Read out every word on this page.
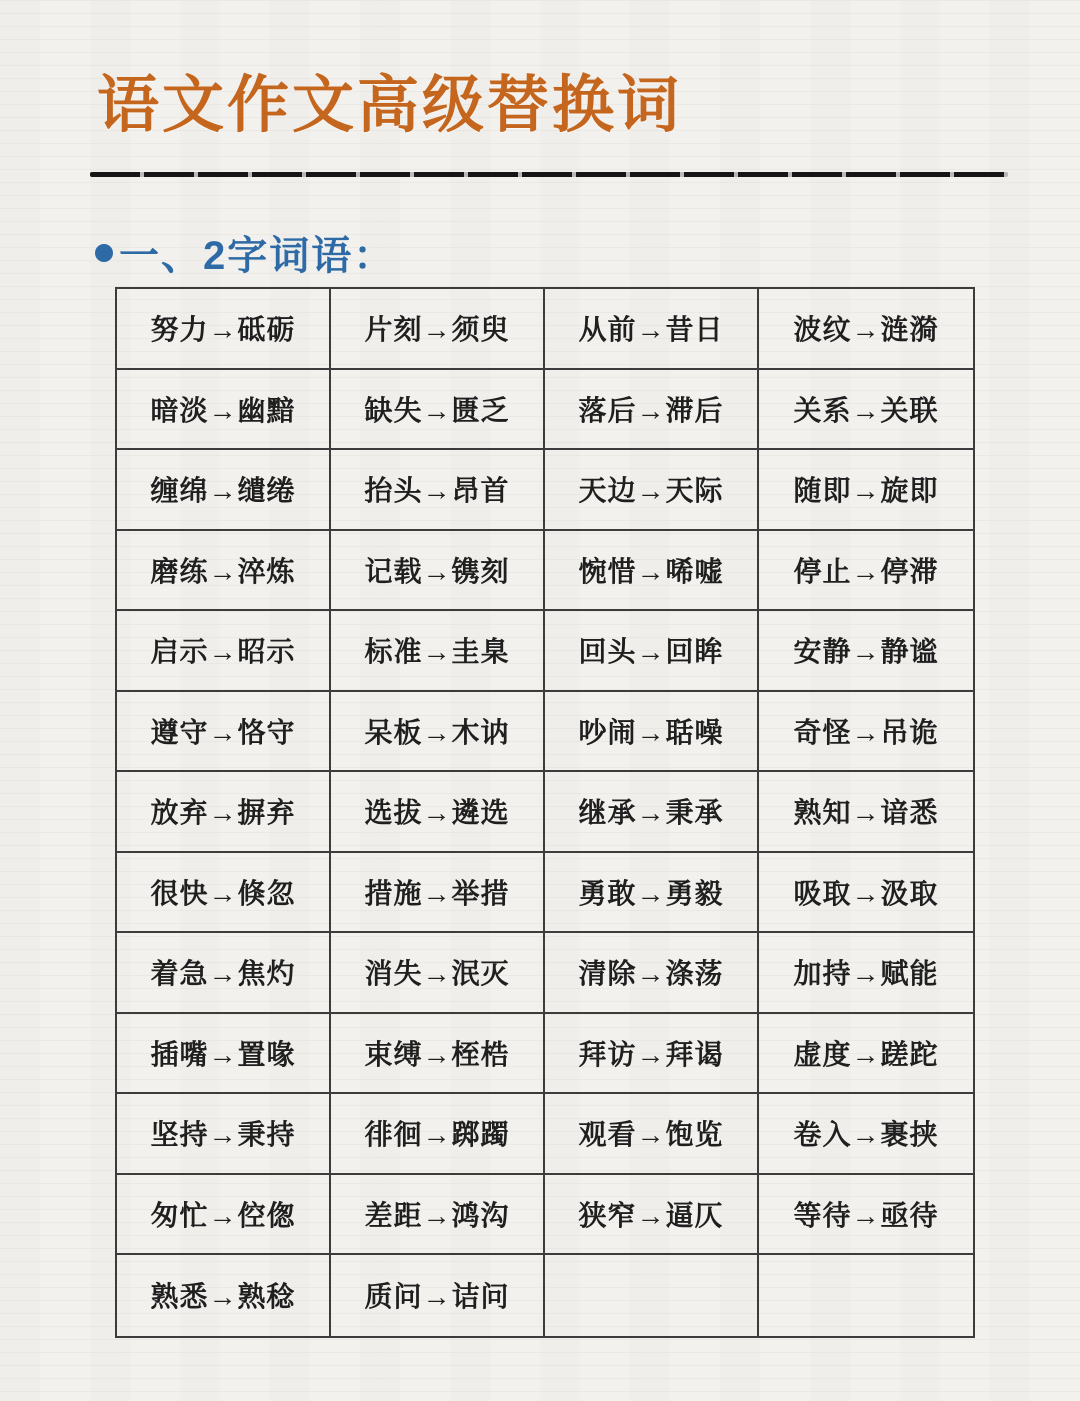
语文作文高级替换词
一、2字词语：
努力→砥砺	片刻→须臾	从前→昔日	波纹→涟漪
暗淡→幽黯	缺失→匮乏	落后→滞后	关系→关联
缠绵→缱绻	抬头→昂首	天边→天际	随即→旋即
磨练→淬炼	记载→镌刻	惋惜→唏嘘	停止→停滞
启示→昭示	标准→圭臬	回头→回眸	安静→静谧
遵守→恪守	呆板→木讷	吵闹→聒噪	奇怪→吊诡
放弃→摒弃	选拔→遴选	继承→秉承	熟知→谙悉
很快→倏忽	措施→举措	勇敢→勇毅	吸取→汲取
着急→焦灼	消失→泯灭	清除→涤荡	加持→赋能
插嘴→置喙	束缚→桎梏	拜访→拜谒	虚度→蹉跎
坚持→秉持	徘徊→踯躅	观看→饱览	卷入→裹挟
匆忙→倥偬	差距→鸿沟	狭窄→逼仄	等待→亟待
熟悉→熟稔	质问→诘问
